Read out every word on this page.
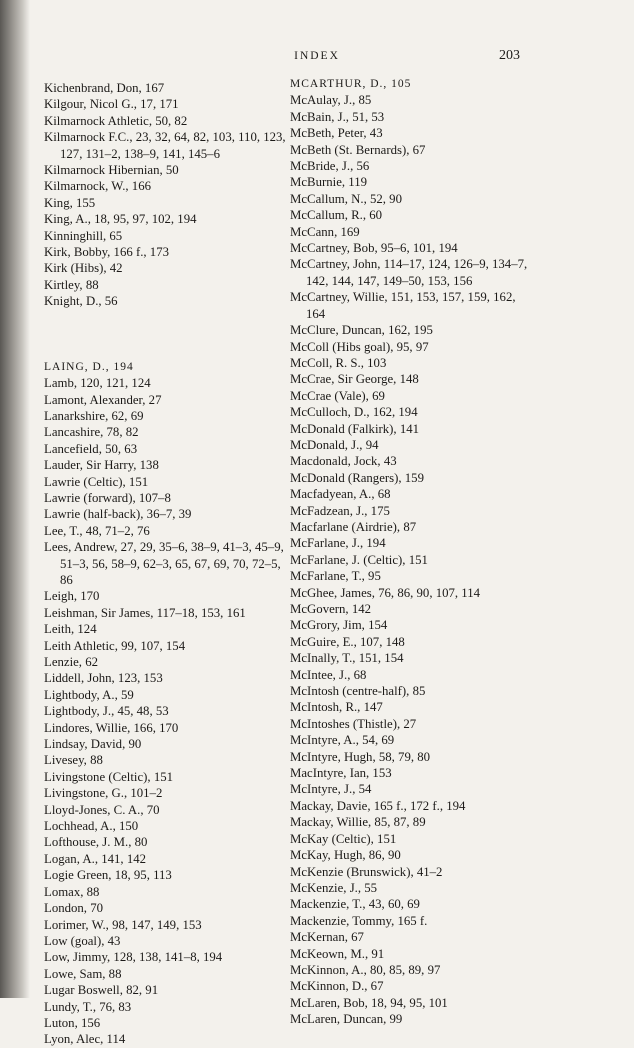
INDEX	203
Kichenbrand, Don, 167
Kilgour, Nicol G., 17, 171
Kilmarnock Athletic, 50, 82
Kilmarnock F.C., 23, 32, 64, 82, 103, 110, 123, 127, 131–2, 138–9, 141, 145–6
Kilmarnock Hibernian, 50
Kilmarnock, W., 166
King, 155
King, A., 18, 95, 97, 102, 194
Kinninghill, 65
Kirk, Bobby, 166 f., 173
Kirk (Hibs), 42
Kirtley, 88
Knight, D., 56
LAING, D., 194
Lamb, 120, 121, 124
Lamont, Alexander, 27
Lanarkshire, 62, 69
Lancashire, 78, 82
Lancefield, 50, 63
Lauder, Sir Harry, 138
Lawrie (Celtic), 151
Lawrie (forward), 107–8
Lawrie (half-back), 36–7, 39
Lee, T., 48, 71–2, 76
Lees, Andrew, 27, 29, 35–6, 38–9, 41–3, 45–9, 51–3, 56, 58–9, 62–3, 65, 67, 69, 70, 72–5, 86
Leigh, 170
Leishman, Sir James, 117–18, 153, 161
Leith, 124
Leith Athletic, 99, 107, 154
Lenzie, 62
Liddell, John, 123, 153
Lightbody, A., 59
Lightbody, J., 45, 48, 53
Lindores, Willie, 166, 170
Lindsay, David, 90
Livesey, 88
Livingstone (Celtic), 151
Livingstone, G., 101–2
Lloyd-Jones, C. A., 70
Lochhead, A., 150
Lofthouse, J. M., 80
Logan, A., 141, 142
Logie Green, 18, 95, 113
Lomax, 88
London, 70
Lorimer, W., 98, 147, 149, 153
Low (goal), 43
Low, Jimmy, 128, 138, 141–8, 194
Lowe, Sam, 88
Lugar Boswell, 82, 91
Lundy, T., 76, 83
Luton, 156
Lyon, Alec, 114
MCARTHUR, D., 105
McAulay, J., 85
McBain, J., 51, 53
McBeth, Peter, 43
McBeth (St. Bernards), 67
McBride, J., 56
McBurnie, 119
McCallum, N., 52, 90
McCallum, R., 60
McCann, 169
McCartney, Bob, 95–6, 101, 194
McCartney, John, 114–17, 124, 126–9, 134–7, 142, 144, 147, 149–50, 153, 156
McCartney, Willie, 151, 153, 157, 159, 162, 164
McClure, Duncan, 162, 195
McColl (Hibs goal), 95, 97
McColl, R. S., 103
McCrae, Sir George, 148
McCrae (Vale), 69
McCulloch, D., 162, 194
McDonald (Falkirk), 141
McDonald, J., 94
Macdonald, Jock, 43
McDonald (Rangers), 159
Macfadyean, A., 68
McFadzean, J., 175
Macfarlane (Airdrie), 87
McFarlane, J., 194
McFarlane, J. (Celtic), 151
McFarlane, T., 95
McGhee, James, 76, 86, 90, 107, 114
McGovern, 142
McGrory, Jim, 154
McGuire, E., 107, 148
McInally, T., 151, 154
McIntee, J., 68
McIntosh (centre-half), 85
McIntosh, R., 147
McIntoshes (Thistle), 27
McIntyre, A., 54, 69
McIntyre, Hugh, 58, 79, 80
MacIntyre, Ian, 153
McIntyre, J., 54
Mackay, Davie, 165 f., 172 f., 194
Mackay, Willie, 85, 87, 89
McKay (Celtic), 151
McKay, Hugh, 86, 90
McKenzie (Brunswick), 41–2
McKenzie, J., 55
Mackenzie, T., 43, 60, 69
Mackenzie, Tommy, 165 f.
McKernan, 67
McKeown, M., 91
McKinnon, A., 80, 85, 89, 97
McKinnon, D., 67
McLaren, Bob, 18, 94, 95, 101
McLaren, Duncan, 99
